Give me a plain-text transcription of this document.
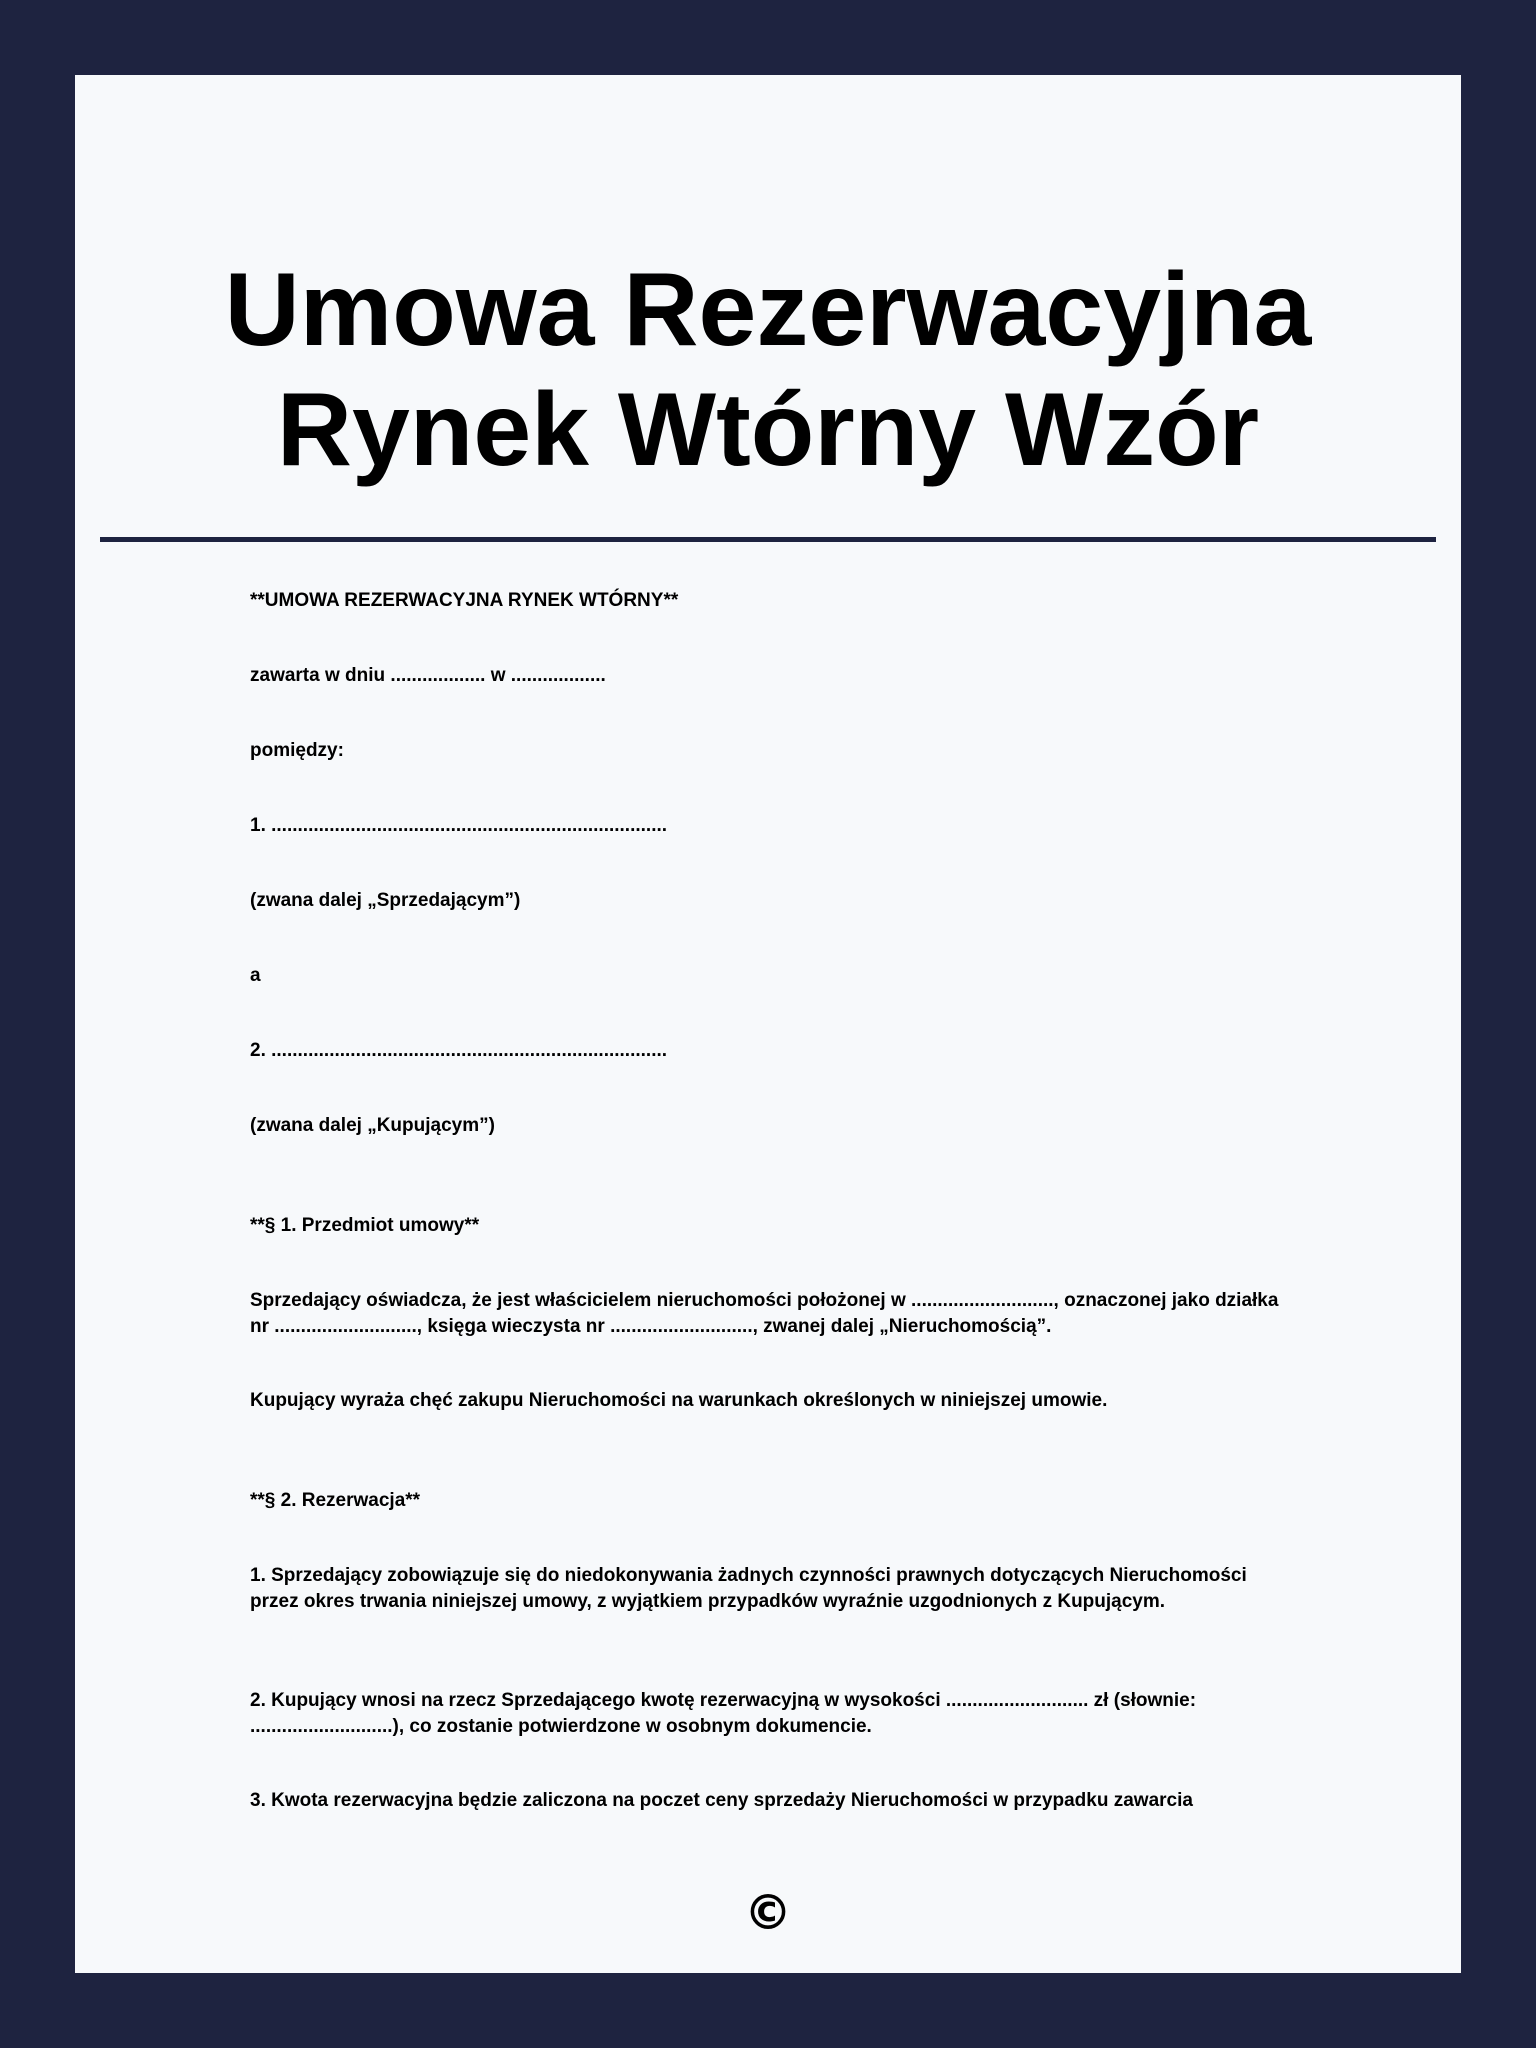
Umowa Rezerwacyjna Rynek Wtórny Wzór

**UMOWA REZERWACYJNA RYNEK WTÓRNY**

zawarta w dniu .................. w ..................

pomiędzy:

1. ...........................................................................

(zwana dalej „Sprzedającym”)

a

2. ...........................................................................

(zwana dalej „Kupującym”)

**§ 1. Przedmiot umowy**

Sprzedający oświadcza, że jest właścicielem nieruchomości położonej w ..........................., oznaczonej jako działka nr ..........................., księga wieczysta nr ..........................., zwanej dalej „Nieruchomością”.

Kupujący wyraża chęć zakupu Nieruchomości na warunkach określonych w niniejszej umowie.

**§ 2. Rezerwacja**

1. Sprzedający zobowiązuje się do niedokonywania żadnych czynności prawnych dotyczących Nieruchomości przez okres trwania niniejszej umowy, z wyjątkiem przypadków wyraźnie uzgodnionych z Kupującym.

2. Kupujący wnosi na rzecz Sprzedającego kwotę rezerwacyjną w wysokości ........................... zł (słownie: ...........................), co zostanie potwierdzone w osobnym dokumencie.

3. Kwota rezerwacyjna będzie zaliczona na poczet ceny sprzedaży Nieruchomości w przypadku zawarcia

©
